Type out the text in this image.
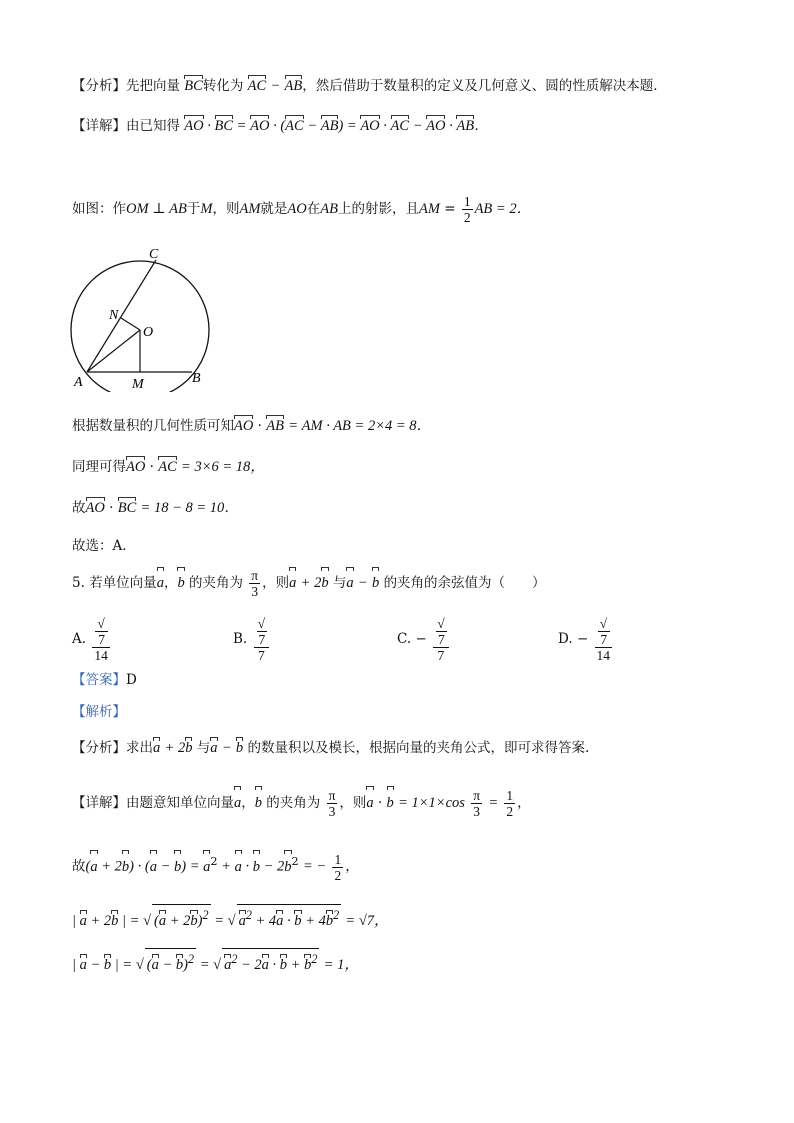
【分析】先把向量 BC转化为 AC − AB，然后借助于数量积的定义及几何意义、圆的性质解决本题．
【详解】由已知得 AO · BC = AO · (AC − AB) = AO · AC − AO · AB．
如图：作OM ⊥ AB于M，则AM就是AO在AB上的射影，且AM = $\frac{1}{2}$ AB = 2．
C
N
O
A	M	B
根据数量积的几何性质可知AO · AB = AM · AB = 2×4 = 8．
同理可得AO · AC = 3×6 = 18，
故AO · BC = 18 − 8 = 10．
故选：A．
5. 若单位向量a，b 的夹角为 $\frac{\pi}{3}$ ，则a + 2b 与a − b 的夹角的余弦值为（　　）
A. √
7
14	B. √
7
7	C. − √
7
7	D. − √
7
14
【答案】D
【解析】
【分析】求出a + 2b 与a − b 的数量积以及模长，根据向量的夹角公式，即可求得答案.
【详解】由题意知单位向量a，b 的夹角为 $\frac{\pi}{3}$ ，则$a \cdot b = 1\times 1\times\cos \frac{\pi}{3} = \frac{1}{2}$ ，
故$(a + 2b) \cdot (a - b) = a^2 + a \cdot b - 2b^2$ = − $\frac{1}{2}$ ，
| a + 2b | = √ $(a + 2b)^2$ = √ $a^2 + 4a \cdot b + 4b^2 = √7$，
| a − b | = √ $(a - b)^2$ = √ $a^2 - 2a \cdot b + b^2 = 1$，
